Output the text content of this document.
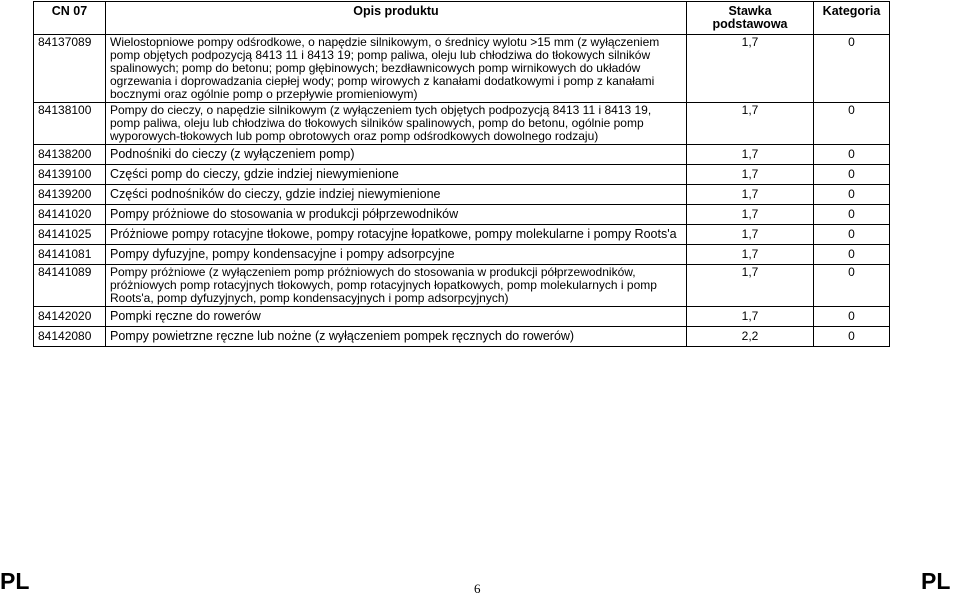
CN 07	Opis produktu	Stawka podstawowa	Kategoria
84137089	Wielostopniowe pompy odśrodkowe, o napędzie silnikowym, o średnicy wylotu >15 mm (z wyłączeniem pomp objętych podpozycją 8413 11 i 8413 19; pomp paliwa, oleju lub chłodziwa do tłokowych silników spalinowych; pomp do betonu; pomp głębinowych; bezdławnicowych pomp wirnikowych do układów ogrzewania i doprowadzania ciepłej wody; pomp wirowych z kanałami dodatkowymi i pomp z kanałami bocznymi oraz ogólnie pomp o przepływie promieniowym)	1,7	0
84138100	Pompy do cieczy, o napędzie silnikowym (z wyłączeniem tych objętych podpozycją 8413 11 i 8413 19, pomp paliwa, oleju lub chłodziwa do tłokowych silników spalinowych, pomp do betonu, ogólnie pomp wyporowych-tłokowych lub pomp obrotowych oraz pomp odśrodkowych dowolnego rodzaju)	1,7	0
84138200	Podnośniki do cieczy (z wyłączeniem pomp)	1,7	0
84139100	Części pomp do cieczy, gdzie indziej niewymienione	1,7	0
84139200	Części podnośników do cieczy, gdzie indziej niewymienione	1,7	0
84141020	Pompy próżniowe do stosowania w produkcji półprzewodników	1,7	0
84141025	Próżniowe pompy rotacyjne tłokowe, pompy rotacyjne łopatkowe, pompy molekularne i pompy Roots'a	1,7	0
84141081	Pompy dyfuzyjne, pompy kondensacyjne i pompy adsorpcyjne	1,7	0
84141089	Pompy próżniowe (z wyłączeniem pomp próżniowych do stosowania w produkcji półprzewodników, próżniowych pomp rotacyjnych tłokowych, pomp rotacyjnych łopatkowych, pomp molekularnych i pomp Roots'a, pomp dyfuzyjnych, pomp kondensacyjnych i pomp adsorpcyjnych)	1,7	0
84142020	Pompki ręczne do rowerów	1,7	0
84142080	Pompy powietrzne ręczne lub nożne (z wyłączeniem pompek ręcznych do rowerów)	2,2	0
PL	6	PL
